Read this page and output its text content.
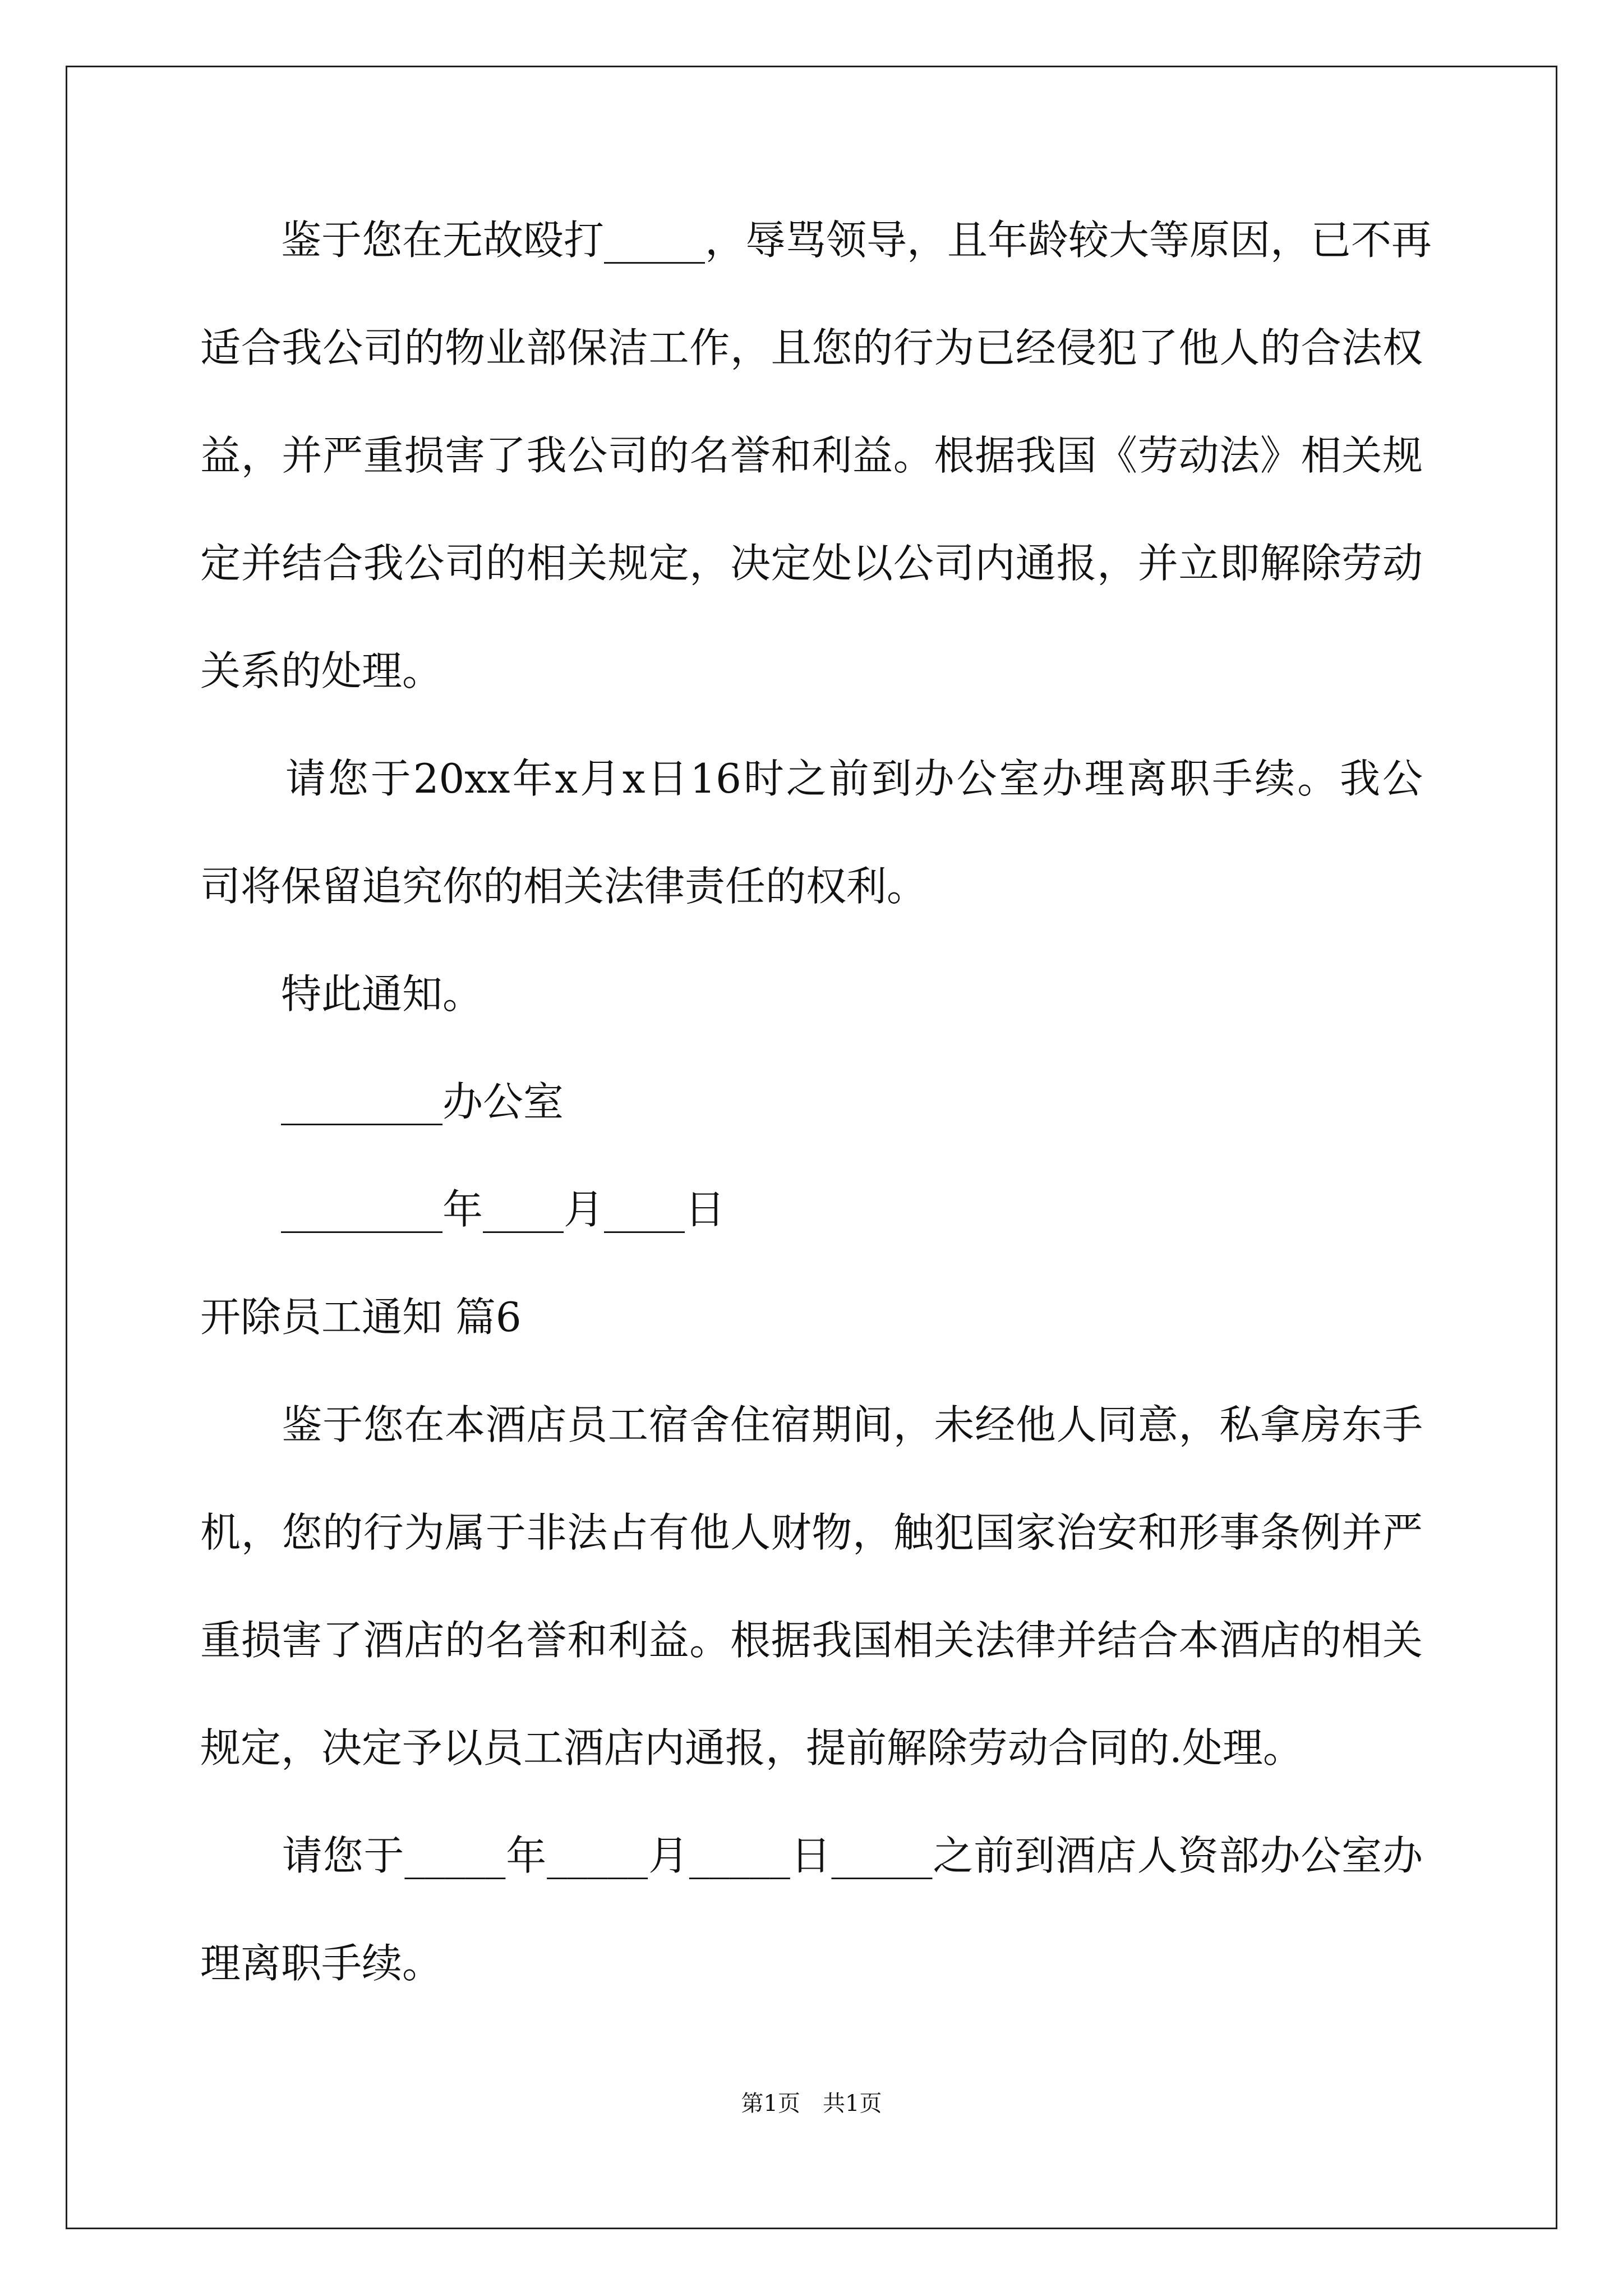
　　鉴于您在无故殴打_____，辱骂领导，且年龄较大等原因，已不再
适合我公司的物业部保洁工作，且您的行为已经侵犯了他人的合法权
益，并严重损害了我公司的名誉和利益。根据我国《劳动法》相关规
定并结合我公司的相关规定，决定处以公司内通报，并立即解除劳动
关系的处理。
　　请您于20xx年x月x日16时之前到办公室办理离职手续。我公
司将保留追究你的相关法律责任的权利。
　　特此通知。
　　________办公室
　　________年____月____日
开除员工通知 篇6
　　鉴于您在本酒店员工宿舍住宿期间，未经他人同意，私拿房东手
机，您的行为属于非法占有他人财物，触犯国家治安和形事条例并严
重损害了酒店的名誉和利益。根据我国相关法律并结合本酒店的相关
规定，决定予以员工酒店内通报，提前解除劳动合同的.处理。
　　请您于_____年_____月_____日_____之前到酒店人资部办公室办
理离职手续。
第1页　共1页
